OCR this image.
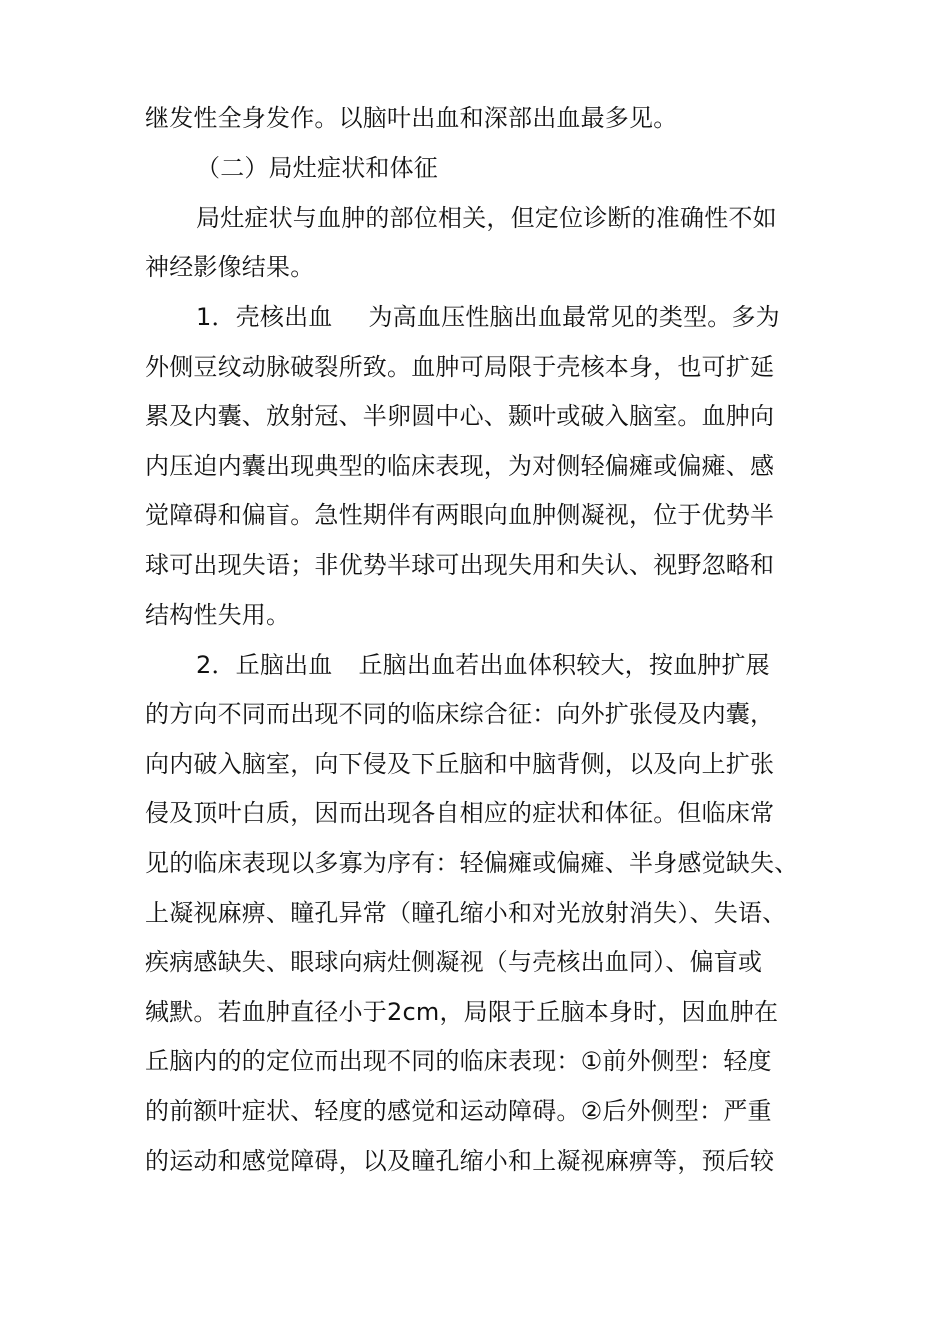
继发性全身发作。以脑叶出血和深部出血最多见。
（二）局灶症状和体征
局灶症状与血肿的部位相关，但定位诊断的准确性不如
神经影像结果。
1．壳核出血 为高血压性脑出血最常见的类型。多为
外侧豆纹动脉破裂所致。血肿可局限于壳核本身，也可扩延
累及内囊、放射冠、半卵圆中心、颞叶或破入脑室。血肿向
内压迫内囊出现典型的临床表现，为对侧轻偏瘫或偏瘫、感
觉障碍和偏盲。急性期伴有两眼向血肿侧凝视，位于优势半
球可出现失语；非优势半球可出现失用和失认、视野忽略和
结构性失用。
2．丘脑出血 丘脑出血若出血体积较大，按血肿扩展
的方向不同而出现不同的临床综合征：向外扩张侵及内囊，
向内破入脑室，向下侵及下丘脑和中脑背侧，以及向上扩张
侵及顶叶白质，因而出现各自相应的症状和体征。但临床常
见的临床表现以多寡为序有：轻偏瘫或偏瘫、半身感觉缺失、
上凝视麻痹、瞳孔异常（瞳孔缩小和对光放射消失）、失语、
疾病感缺失、眼球向病灶侧凝视（与壳核出血同）、偏盲或
缄默。若血肿直径小于2cm，局限于丘脑本身时，因血肿在
丘脑内的的定位而出现不同的临床表现：①前外侧型：轻度
的前额叶症状、轻度的感觉和运动障碍。②后外侧型：严重
的运动和感觉障碍，以及瞳孔缩小和上凝视麻痹等，预后较
